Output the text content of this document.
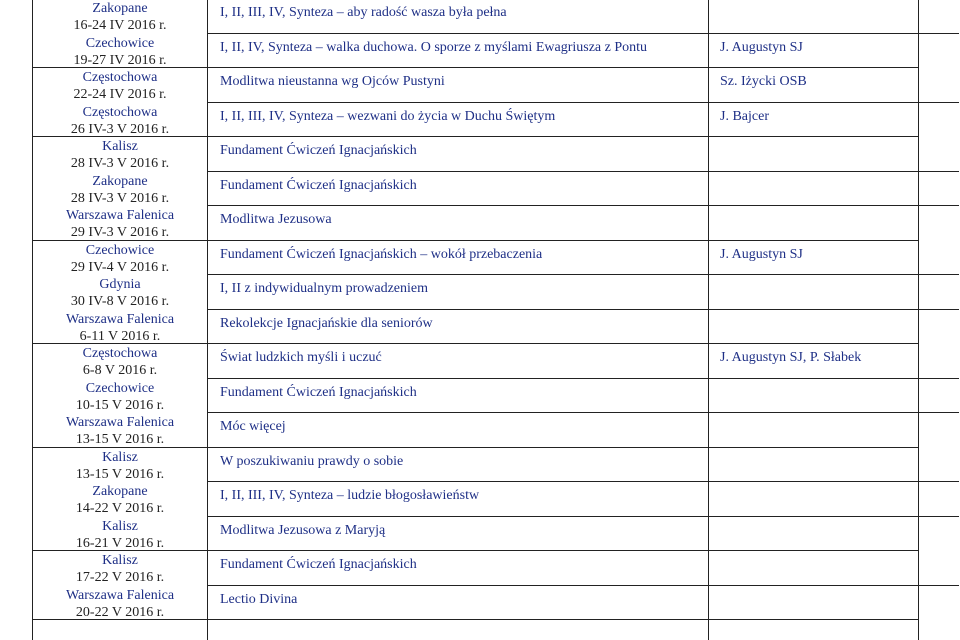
Zakopane
16-24 IV 2016 r.
Czechowice
19-27 IV 2016 r.
Częstochowa
22-24 IV 2016 r.
Częstochowa
26 IV-3 V 2016 r.
Kalisz
28 IV-3 V 2016 r.
Zakopane
28 IV-3 V 2016 r.
Warszawa Falenica
29 IV-3 V 2016 r.
Czechowice
29 IV-4 V 2016 r.
Gdynia
30 IV-8 V 2016 r.
Warszawa Falenica
6-11 V 2016 r.
Częstochowa
6-8 V 2016 r.
Czechowice
10-15 V 2016 r.
Warszawa Falenica
13-15 V 2016 r.
Kalisz
13-15 V 2016 r.
Zakopane
14-22 V 2016 r.
Kalisz
16-21 V 2016 r.
Kalisz
17-22 V 2016 r.
Warszawa Falenica
20-22 V 2016 r.
I, II, III, IV, Synteza – aby radość wasza była pełna
I, II, IV, Synteza – walka duchowa. O sporze z myślami Ewagriusza z Pontu
Modlitwa nieustanna wg Ojców Pustyni
I, II, III, IV, Synteza – wezwani do życia w Duchu Świętym
Fundament Ćwiczeń Ignacjańskich
Fundament Ćwiczeń Ignacjańskich
Modlitwa Jezusowa
Fundament Ćwiczeń Ignacjańskich – wokół przebaczenia
I, II z indywidualnym prowadzeniem
Rekolekcje Ignacjańskie dla seniorów
Świat ludzkich myśli i uczuć
Fundament Ćwiczeń Ignacjańskich
Móc więcej
W poszukiwaniu prawdy o sobie
I, II, III, IV, Synteza – ludzie błogosławieństw
Modlitwa Jezusowa z Maryją
Fundament Ćwiczeń Ignacjańskich
Lectio Divina
J. Augustyn SJ
Sz. Iżycki OSB
J. Bajcer
J. Augustyn SJ
J. Augustyn SJ, P. Słabek
